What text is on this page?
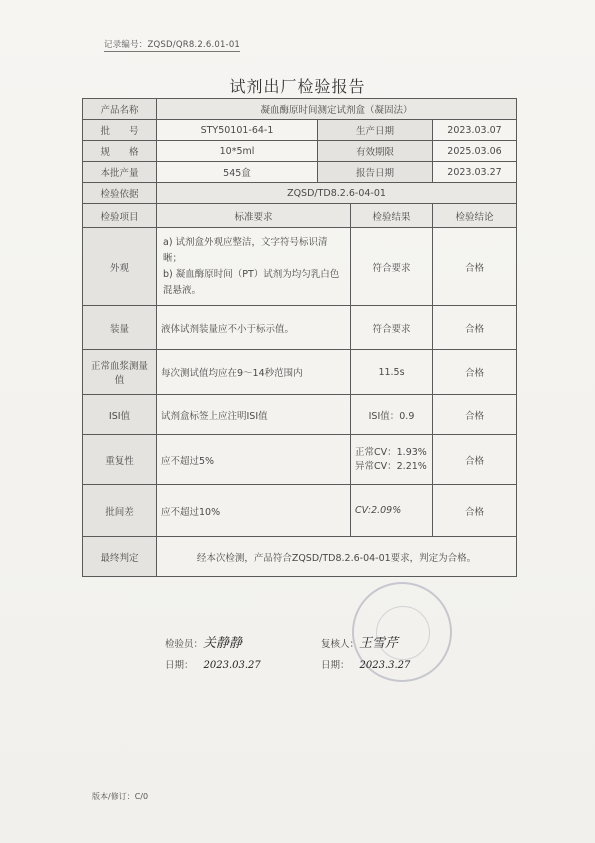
记录编号：ZQSD/QR8.2.6.01-01
试剂出厂检验报告
产品名称	凝血酶原时间测定试剂盒（凝固法）			
批　　号	STY50101-64-1	生产日期		2023.03.07
规　　格	10*5ml	有效期限		2025.03.06
本批产量	545盒	报告日期		2023.03.27
检验依据	ZQSD/TD8.2.6-04-01			
检验项目	标准要求		检验结果	检验结论
外观	a) 试剂盒外观应整洁，文字符号标识清晰；
b) 凝血酶原时间（PT）试剂为均匀乳白色混悬液。		符合要求	合格
装量	液体试剂装量应不小于标示值。		符合要求	合格
正常血浆测量值	每次测试值均应在9～14秒范围内		11.5s	合格
ISI值	试剂盒标签上应注明ISI值		ISI值：0.9	合格
重复性	应不超过5%		正常CV：1.93%
异常CV：2.21%	合格
批间差	应不超过10%		CV:2.09%	合格
最终判定	经本次检测，产品符合ZQSD/TD8.2.6-04-01要求，判定为合格。			
检验员：关静静
日期： 2023.03.27
复核人：王雪芹
日期： 2023.3.27
版本/修订：C/0
